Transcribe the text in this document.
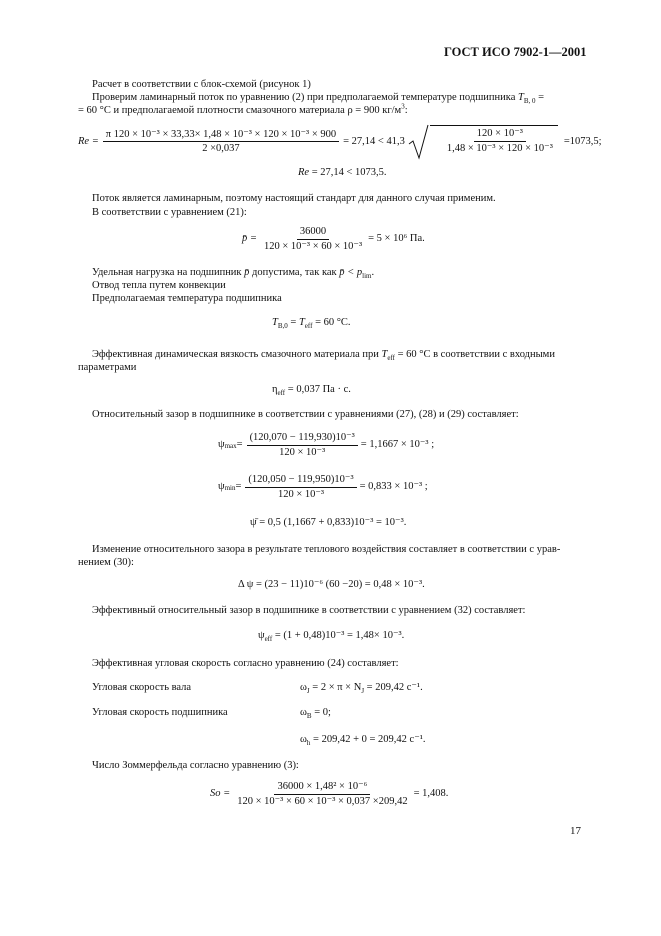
ГОСТ ИСО 7902-1—2001
Расчет в соответствии с блок-схемой (рисунок 1)
Проверим ламинарный поток по уравнению (2) при предполагаемой температуре подшипника $T_{B, 0}$ =
= 60 °С и предполагаемой плотности смазочного материала ρ = 900 $кг/м^3$:
$Re = \frac{\text{π 120 × 10⁻³ × 33,33× 1,48 × 10⁻³ × 120 × 10⁻³ × 900}}{2 \times 0,037} = 27,14 < 41,3 \frac{\text{120 × 10⁻³}}{\text{1,48 × 10⁻³ × 120 × 10⁻³}} =1073,5$;
Re = 27,14 < 1073,5.
Поток является ламинарным, поэтому настоящий стандарт для данного случая применим.
В соответствии с уравнением (21):
p̄ = $\frac{36000}{\text{120 × 10⁻³ × 60 × 10⁻³}} = 5 \times 10^6$ Па.
Удельная нагрузка на подшипник p̄ допустима, так как p̄ < $p_{lim}$.
Отвод тепла путем конвекции
Предполагаемая температура подшипника
$T_{B,0} = T_{eff} = 60$ °С.
Эффективная динамическая вязкость смазочного материала при $T_{eff} = 60$ °С в соответствии с входными
параметрами
$\eta_{eff} = 0,037$ Па · с.
Относительный зазор в подшипнике в соответствии с уравнениями (27), (28) и (29) составляет:
ψ $\max = \frac{\text{(120,070 − 119,930)10⁻³}}{\text{120 × 10⁻³}} = 1,1667 \times 10^{-3}$ ;
ψ $\min = \frac{\text{(120,050 − 119,950)10⁻³}}{\text{120 × 10⁻³}} = 0,833 \times 10^{-3}$ ;
ψ̄ = 0,5 (1,1667 + 0,833)10⁻³ = 10⁻³.
Изменение относительного зазора в результате теплового воздействия составляет в соответствии с урав-
нением (30):
Δ ψ = (23 − 11)10⁻⁶ (60 −20) = 0,48 × 10⁻³.
Эффективный относительный зазор в подшипнике в соответствии с уравнением (32) составляет:
$\psi_{eff} = (1 + 0,48)10^{-3} = 1,48\times 10^{-3}$.
Эффективная угловая скорость согласно уравнению (24) составляет:
Угловая скорость вала	$\omega_J = 2 \times \pi \times N_J = 209,42$ c⁻¹.
Угловая скорость подшипника	$\omega_B = 0$;
$\omega_h = 209,42 + 0 = 209,42$ c⁻¹.
Число Зоммерфельда согласно уравнению (3):
$So = \frac{\text{36000 × 1,48² × 10⁻⁶}}{\text{120 × 10⁻³ × 60 × 10⁻³ × 0,037 ×209,42}} = 1,408$.
17
